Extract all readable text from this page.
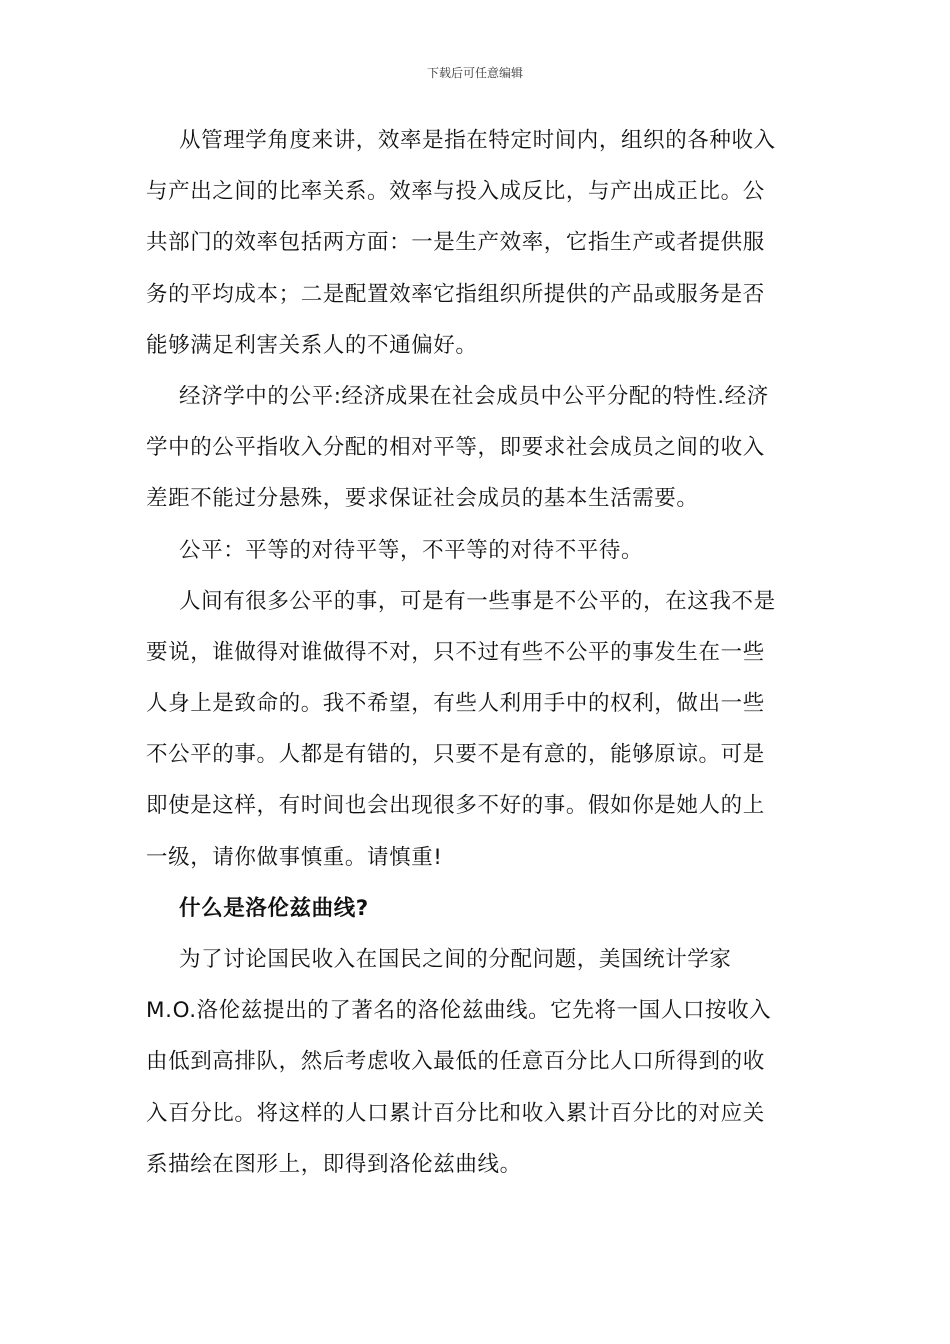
下载后可任意编辑
从管理学角度来讲，效率是指在特定时间内，组织的各种收入
与产出之间的比率关系。效率与投入成反比，与产出成正比。公
共部门的效率包括两方面：一是生产效率，它指生产或者提供服
务的平均成本；二是配置效率它指组织所提供的产品或服务是否
能够满足利害关系人的不通偏好。
经济学中的公平:经济成果在社会成员中公平分配的特性.经济
学中的公平指收入分配的相对平等，即要求社会成员之间的收入
差距不能过分悬殊，要求保证社会成员的基本生活需要。
公平：平等的对待平等，不平等的对待不平待。
人间有很多公平的事，可是有一些事是不公平的，在这我不是
要说，谁做得对谁做得不对，只不过有些不公平的事发生在一些
人身上是致命的。我不希望，有些人利用手中的权利，做出一些
不公平的事。人都是有错的，只要不是有意的，能够原谅。可是
即使是这样，有时间也会出现很多不好的事。假如你是她人的上
一级，请你做事慎重。请慎重!
什么是洛伦兹曲线?
为了讨论国民收入在国民之间的分配问题，美国统计学家
M.O.洛伦兹提出的了著名的洛伦兹曲线。它先将一国人口按收入
由低到高排队，然后考虑收入最低的任意百分比人口所得到的收
入百分比。将这样的人口累计百分比和收入累计百分比的对应关
系描绘在图形上，即得到洛伦兹曲线。
